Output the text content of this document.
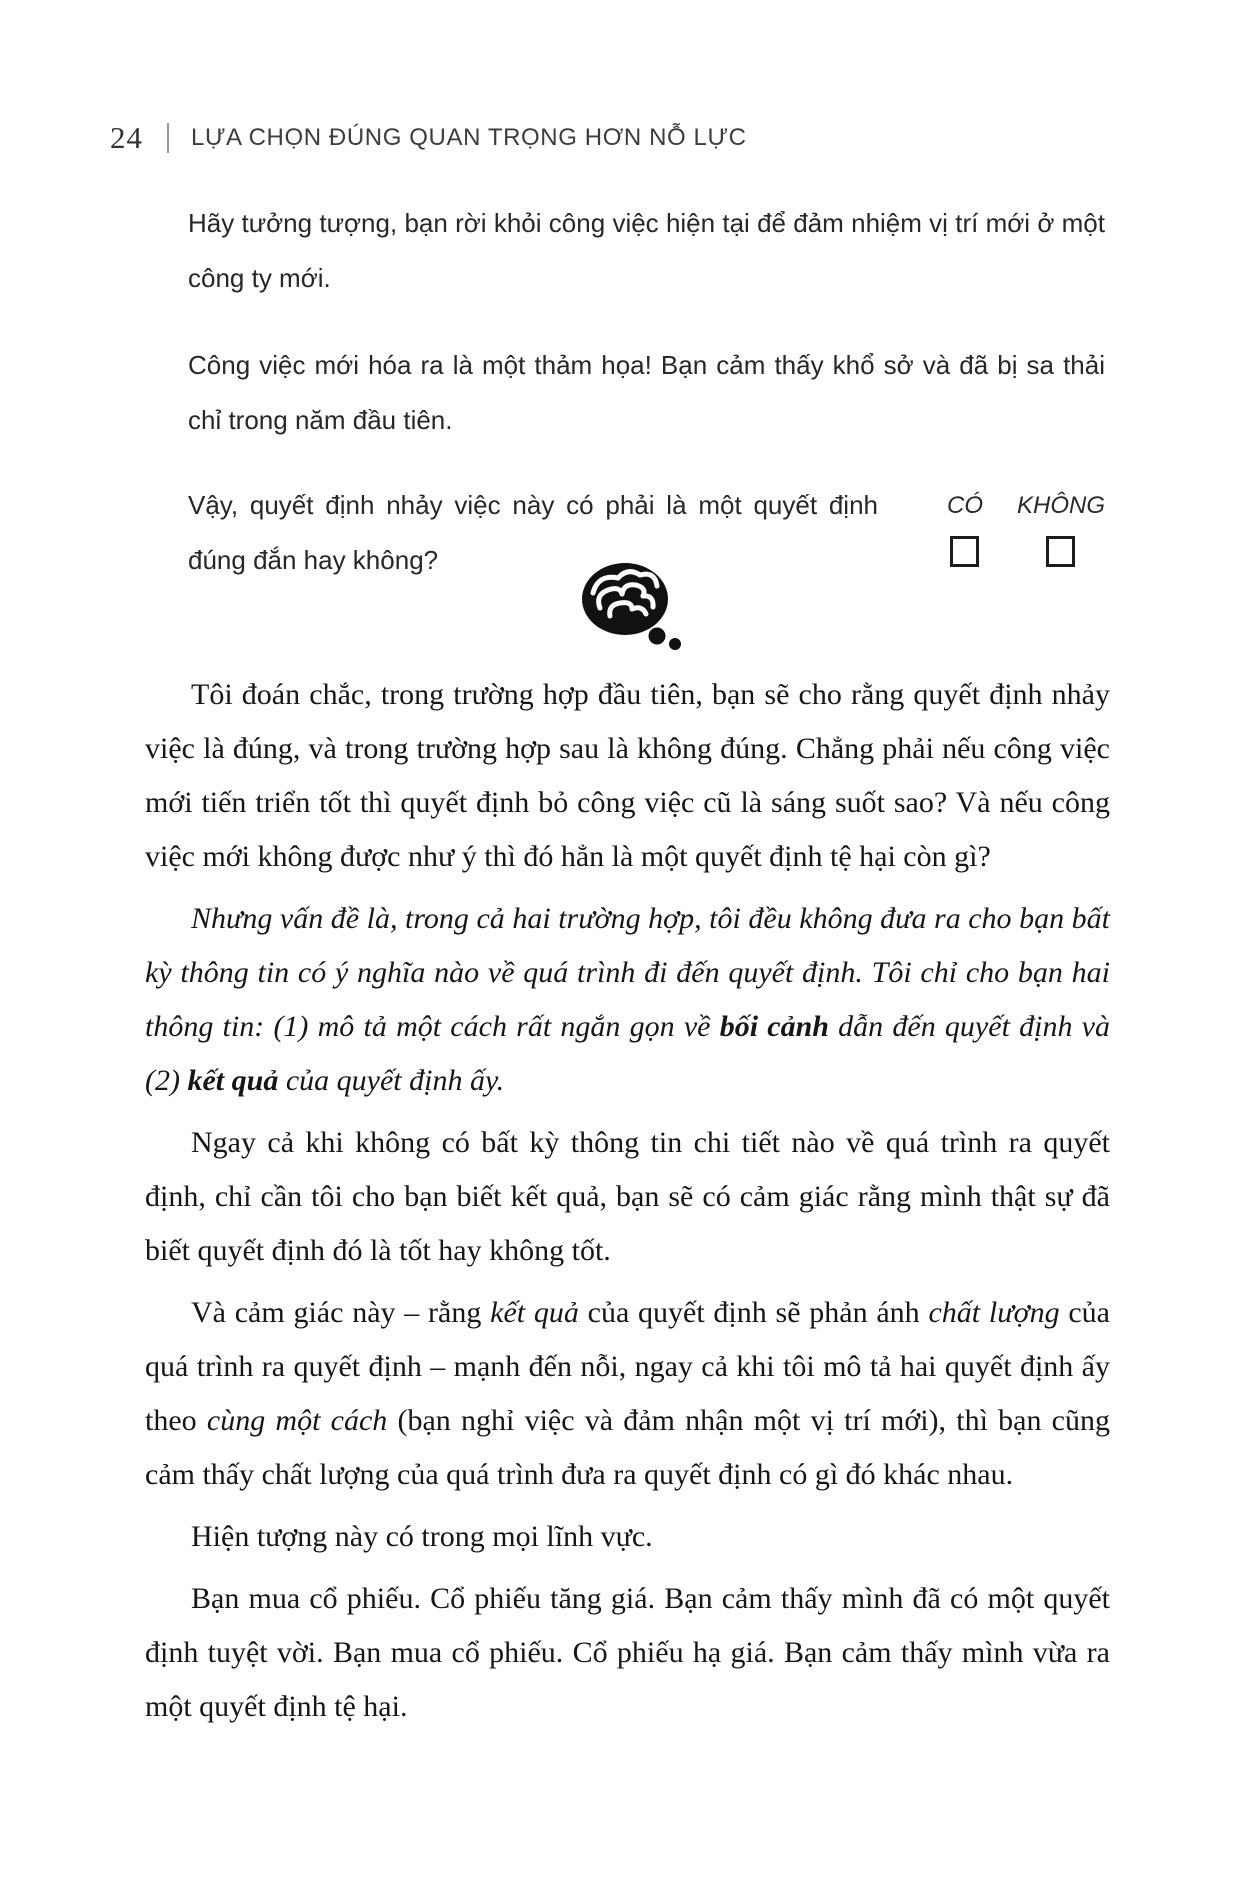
24 LỰA CHỌN ĐÚNG QUAN TRỌNG HƠN NỖ LỰC

Hãy tưởng tượng, bạn rời khỏi công việc hiện tại để đảm nhiệm vị trí mới ở một công ty mới.

Công việc mới hóa ra là một thảm họa! Bạn cảm thấy khổ sở và đã bị sa thải chỉ trong năm đầu tiên.

Vậy, quyết định nhảy việc này có phải là một quyết định đúng đắn hay không?

CÓ KHÔNG

Tôi đoán chắc, trong trường hợp đầu tiên, bạn sẽ cho rằng quyết định nhảy việc là đúng, và trong trường hợp sau là không đúng. Chẳng phải nếu công việc mới tiến triển tốt thì quyết định bỏ công việc cũ là sáng suốt sao? Và nếu công việc mới không được như ý thì đó hẳn là một quyết định tệ hại còn gì?

Nhưng vấn đề là, trong cả hai trường hợp, tôi đều không đưa ra cho bạn bất kỳ thông tin có ý nghĩa nào về quá trình đi đến quyết định. Tôi chỉ cho bạn hai thông tin: (1) mô tả một cách rất ngắn gọn về bối cảnh dẫn đến quyết định và (2) kết quả của quyết định ấy.

Ngay cả khi không có bất kỳ thông tin chi tiết nào về quá trình ra quyết định, chỉ cần tôi cho bạn biết kết quả, bạn sẽ có cảm giác rằng mình thật sự đã biết quyết định đó là tốt hay không tốt.

Và cảm giác này – rằng kết quả của quyết định sẽ phản ánh chất lượng của quá trình ra quyết định – mạnh đến nỗi, ngay cả khi tôi mô tả hai quyết định ấy theo cùng một cách (bạn nghỉ việc và đảm nhận một vị trí mới), thì bạn cũng cảm thấy chất lượng của quá trình đưa ra quyết định có gì đó khác nhau.

Hiện tượng này có trong mọi lĩnh vực.

Bạn mua cổ phiếu. Cổ phiếu tăng giá. Bạn cảm thấy mình đã có một quyết định tuyệt vời. Bạn mua cổ phiếu. Cổ phiếu hạ giá. Bạn cảm thấy mình vừa ra một quyết định tệ hại.
